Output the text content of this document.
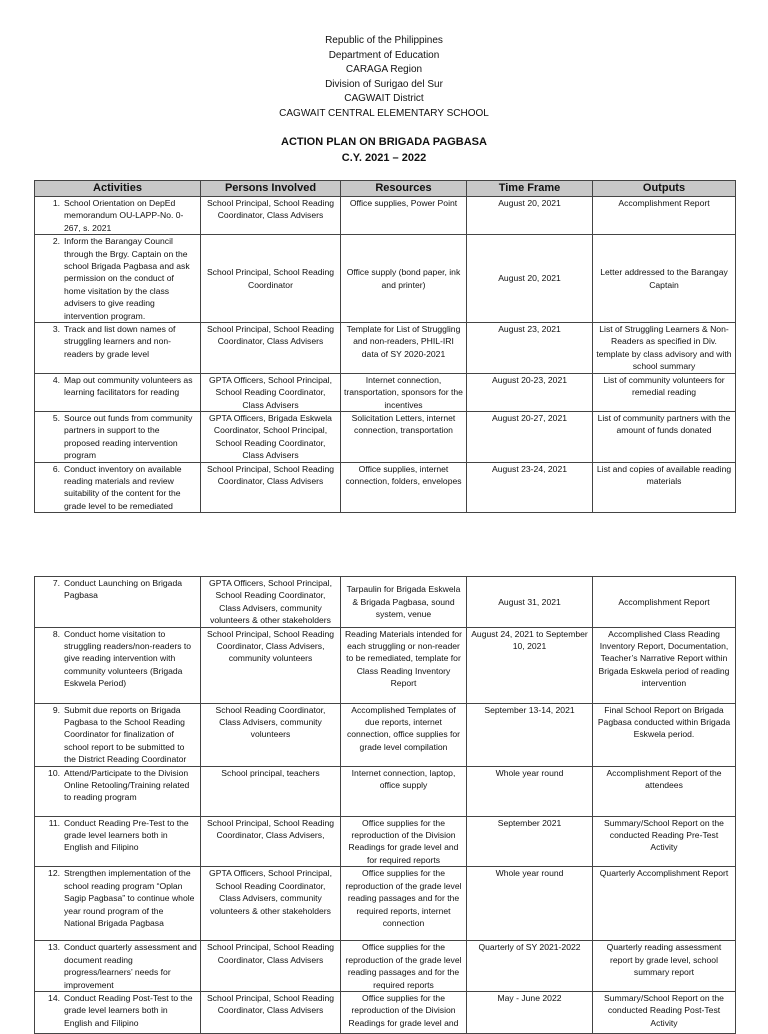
Republic of the Philippines
Department of Education
CARAGA Region
Division of Surigao del Sur
CAGWAIT District
CAGWAIT CENTRAL ELEMENTARY SCHOOL
ACTION PLAN ON BRIGADA PAGBASA
C.Y. 2021 – 2022
Activities	Persons Involved	Resources	Time Frame	Outputs

1. School Orientation on DepEd memorandum OU-LAPP-No. 0-267, s. 2021	School Principal, School Reading Coordinator, Class Advisers	Office supplies, Power Point	August 20, 2021	Accomplishment Report

2. Inform the Barangay Council through the Brgy. Captain on the school Brigada Pagbasa and ask permission on the conduct of home visitation by the class advisers to give reading intervention program.	School Principal, School Reading Coordinator	Office supply (bond paper, ink and printer)	August 20, 2021	Letter addressed to the Barangay Captain

3. Track and list down names of struggling learners and non-readers by grade level	School Principal, School Reading Coordinator, Class Advisers	Template for List of Struggling and non-readers, PHIL-IRI data of SY 2020-2021	August 23, 2021	List of Struggling Learners & Non- Readers as specified in Div. template by class advisory and with school summary

4. Map out community volunteers as learning facilitators for reading	GPTA Officers, School Principal, School Reading Coordinator, Class Advisers	Internet connection, transportation, sponsors for the incentives	August 20-23, 2021	List of community volunteers for remedial reading

5. Source out funds from community partners in support to the proposed reading intervention program	GPTA Officers, Brigada Eskwela Coordinator, School Principal, School Reading Coordinator, Class Advisers	Solicitation Letters, internet connection, transportation	August 20-27, 2021	List of community partners with the amount of funds donated

6. Conduct inventory on available reading materials and review suitability of the content for the grade level to be remediated	School Principal, School Reading Coordinator, Class Advisers	Office supplies, internet connection, folders, envelopes	August 23-24, 2021	List and copies of available reading materials
7. Conduct Launching on Brigada Pagbasa	GPTA Officers, School Principal, School Reading Coordinator, Class Advisers, community volunteers & other stakeholders	Tarpaulin for Brigada Eskwela & Brigada Pagbasa, sound system, venue	August 31, 2021	Accomplishment Report

8. Conduct home visitation to struggling readers/non-readers to give reading intervention with community volunteers (Brigada Eskwela Period)	School Principal, School Reading Coordinator, Class Advisers, community volunteers	Reading Materials intended for each struggling or non-reader to be remediated, template for Class Reading Inventory Report	August 24, 2021 to September 10, 2021	Accomplished Class Reading Inventory Report, Documentation, Teacher’s Narrative Report within Brigada Eskwela period of reading intervention

9. Submit due reports on Brigada Pagbasa to the School Reading Coordinator for finalization of school report to be submitted to the District Reading Coordinator	School Reading Coordinator, Class Advisers, community volunteers	Accomplished Templates of due reports, internet connection, office supplies for grade level compilation	September 13-14, 2021	Final School Report on Brigada Pagbasa conducted within Brigada Eskwela period.

10. Attend/Participate to the Division Online Retooling/Training related to reading program	School principal, teachers	Internet connection, laptop, office supply	Whole year round	Accomplishment Report of the attendees

11. Conduct Reading Pre-Test to the grade level learners both in English and Filipino	School Principal, School Reading Coordinator, Class Advisers,	Office supplies for the reproduction of the Division Readings for grade level and for required reports	September 2021	Summary/School Report on the conducted Reading Pre-Test Activity

12. Strengthen implementation of the school reading program “Oplan Sagip Pagbasa” to continue whole year round program of the National Brigada Pagbasa	GPTA Officers, School Principal, School Reading Coordinator, Class Advisers, community volunteers & other stakeholders	Office supplies for the reproduction of the grade level reading passages and for the required reports, internet connection	Whole year round	Quarterly Accomplishment Report

13. Conduct quarterly assessment and document reading progress/learners’ needs for improvement	School Principal, School Reading Coordinator, Class Advisers	Office supplies for the reproduction of the grade level reading passages and for the required reports	Quarterly of SY 2021-2022	Quarterly reading assessment report by grade level, school summary report

14. Conduct Reading Post-Test to the grade level learners both in English and Filipino	School Principal, School Reading Coordinator, Class Advisers	Office supplies for the reproduction of the Division Readings for grade level and	May - June 2022	Summary/School Report on the conducted Reading Post-Test Activity
